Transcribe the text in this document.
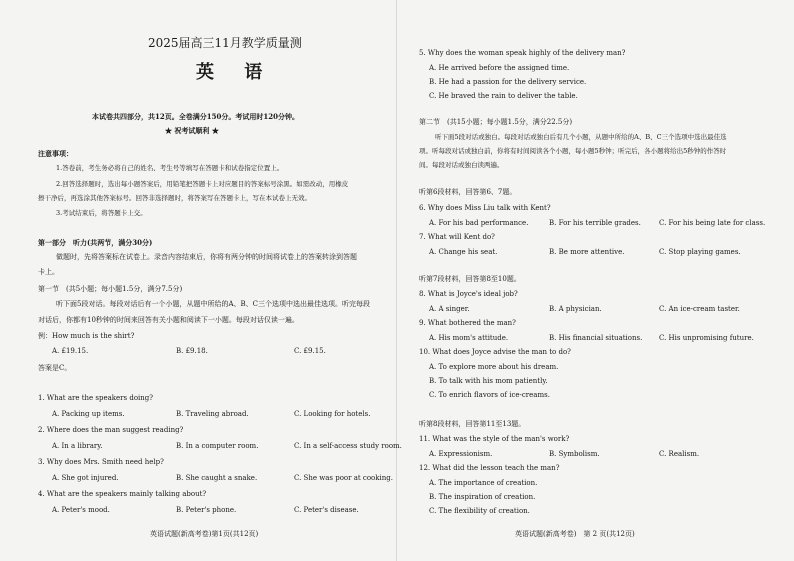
2025届高三11月教学质量测
英 语
本试卷共四部分，共12页。全卷满分150分。考试用时120分钟。
★ 祝考试顺利 ★
注意事项：
1.答卷前，考生务必将自己的姓名、考生号等填写在答题卡和试卷指定位置上。
2.回答选择题时，选出每小题答案后，用铅笔把答题卡上对应题目的答案标号涂黑。如需改动，用橡皮
擦干净后，再选涂其他答案标号。回答非选择题时，将答案写在答题卡上，写在本试卷上无效。
3.考试结束后，将答题卡上交。
第一部分　听力(共两节，满分30分)
做题时，先将答案标在试卷上。录音内容结束后，你将有两分钟的时间将试卷上的答案转涂到答题
卡上。
第一节　(共5小题；每小题1.5分，满分7.5分)
听下面5段对话。每段对话后有一个小题，从题中所给的A、B、C三个选项中选出最佳选项。听完每段
对话后，你都有10秒钟的时间来回答有关小题和阅读下一小题。每段对话仅读一遍。
例：How much is the shirt?
A. £19.15.	B. £9.18.	C. £9.15.
答案是C。
1. What are the speakers doing?
A. Packing up items.	B. Traveling abroad.	C. Looking for hotels.
2. Where does the man suggest reading?
A. In a library.	B. In a computer room.	C. In a self-access study room.
3. Why does Mrs. Smith need help?
A. She got injured.	B. She caught a snake.	C. She was poor at cooking.
4. What are the speakers mainly talking about?
A. Peter's mood.	B. Peter's phone.	C. Peter's disease.
英语试题(新高考卷)第1页(共12页)
5. Why does the woman speak highly of the delivery man?
A. He arrived before the assigned time.
B. He had a passion for the delivery service.
C. He braved the rain to deliver the table.
第二节　(共15小题；每小题1.5分，满分22.5分)
听下面5段对话或独白。每段对话或独白后有几个小题，从题中所给的A、B、C三个选项中选出最佳选
项。听每段对话或独白前，你将有时间阅读各个小题，每小题5秒钟；听完后，各小题将给出5秒钟的作答时
间。每段对话或独白读两遍。
听第6段材料，回答第6、7题。
6. Why does Miss Liu talk with Kent?
A. For his bad performance.	B. For his terrible grades.	C. For his being late for class.
7. What will Kent do?
A. Change his seat.	B. Be more attentive.	C. Stop playing games.
听第7段材料，回答第8至10题。
8. What is Joyce's ideal job?
A. A singer.	B. A physician.	C. An ice-cream taster.
9. What bothered the man?
A. His mom's attitude.	B. His financial situations. C. His unpromising future.
10. What does Joyce advise the man to do?
A. To explore more about his dream.
B. To talk with his mom patiently.
C. To enrich flavors of ice-creams.
听第8段材料，回答第11至13题。
11. What was the style of the man's work?
A. Expressionism.	B. Symbolism.	C. Realism.
12. What did the lesson teach the man?
A. The importance of creation.
B. The inspiration of creation.
C. The flexibility of creation.
英语试题(新高考卷)　第 2 页(共12页)
